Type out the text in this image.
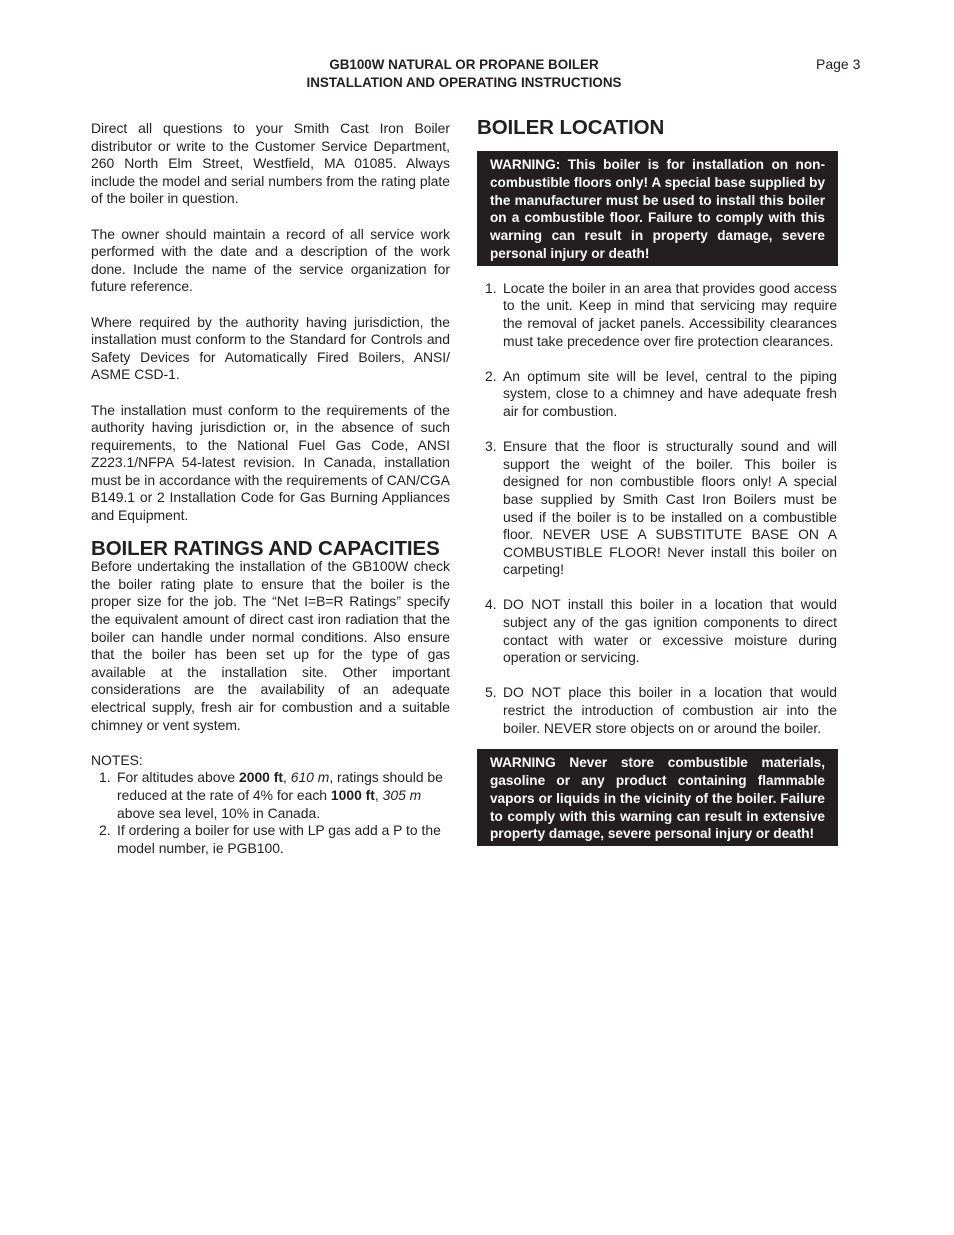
GB100W NATURAL OR PROPANE BOILER
INSTALLATION AND OPERATING INSTRUCTIONS
Page 3

Direct all questions to your Smith Cast Iron Boiler distributor or write to the Customer Service Department, 260 North Elm Street, Westfield, MA 01085. Always include the model and serial numbers from the rating plate of the boiler in question.

The owner should maintain a record of all service work performed with the date and a description of the work done. Include the name of the service organization for future reference.

Where required by the authority having jurisdiction, the installation must conform to the Standard for Controls and Safety Devices for Automatically Fired Boilers, ANSI/ ASME CSD-1.

The installation must conform to the requirements of the authority having jurisdiction or, in the absence of such requirements, to the National Fuel Gas Code, ANSI Z223.1/NFPA 54-latest revision. In Canada, installation must be in accordance with the requirements of CAN/CGA B149.1 or 2 Installation Code for Gas Burning Appliances and Equipment.

BOILER RATINGS AND CAPACITIES

Before undertaking the installation of the GB100W check the boiler rating plate to ensure that the boiler is the proper size for the job. The “Net I=B=R Ratings” specify the equivalent amount of direct cast iron radiation that the boiler can handle under normal conditions. Also ensure that the boiler has been set up for the type of gas available at the installation site. Other important considerations are the availability of an adequate electrical supply, fresh air for combustion and a suitable chimney or vent system.

NOTES:
1. For altitudes above 2000 ft, 610 m, ratings should be reduced at the rate of 4% for each 1000 ft, 305 m above sea level, 10% in Canada.
2. If ordering a boiler for use with LP gas add a P to the model number, ie PGB100.
BOILER LOCATION
WARNING: This boiler is for installation on non-combustible floors only! A special base supplied by the manufacturer must be used to install this boiler on a combustible floor. Failure to comply with this warning can result in property damage, severe personal injury or death!
1. Locate the boiler in an area that provides good access to the unit. Keep in mind that servicing may require the removal of jacket panels. Accessibility clearances must take precedence over fire protection clearances.
2. An optimum site will be level, central to the piping system, close to a chimney and have adequate fresh air for combustion.
3. Ensure that the floor is structurally sound and will support the weight of the boiler. This boiler is designed for non combustible floors only! A special base supplied by Smith Cast Iron Boilers must be used if the boiler is to be installed on a combustible floor. NEVER USE A SUBSTITUTE BASE ON A COMBUSTIBLE FLOOR! Never install this boiler on carpeting!
4. DO NOT install this boiler in a location that would subject any of the gas ignition components to direct contact with water or excessive moisture during operation or servicing.
5. DO NOT place this boiler in a location that would restrict the introduction of combustion air into the boiler. NEVER store objects on or around the boiler.
WARNING Never store combustible materials, gasoline or any product containing flammable vapors or liquids in the vicinity of the boiler. Failure to comply with this warning can result in extensive property damage, severe personal injury or death!
